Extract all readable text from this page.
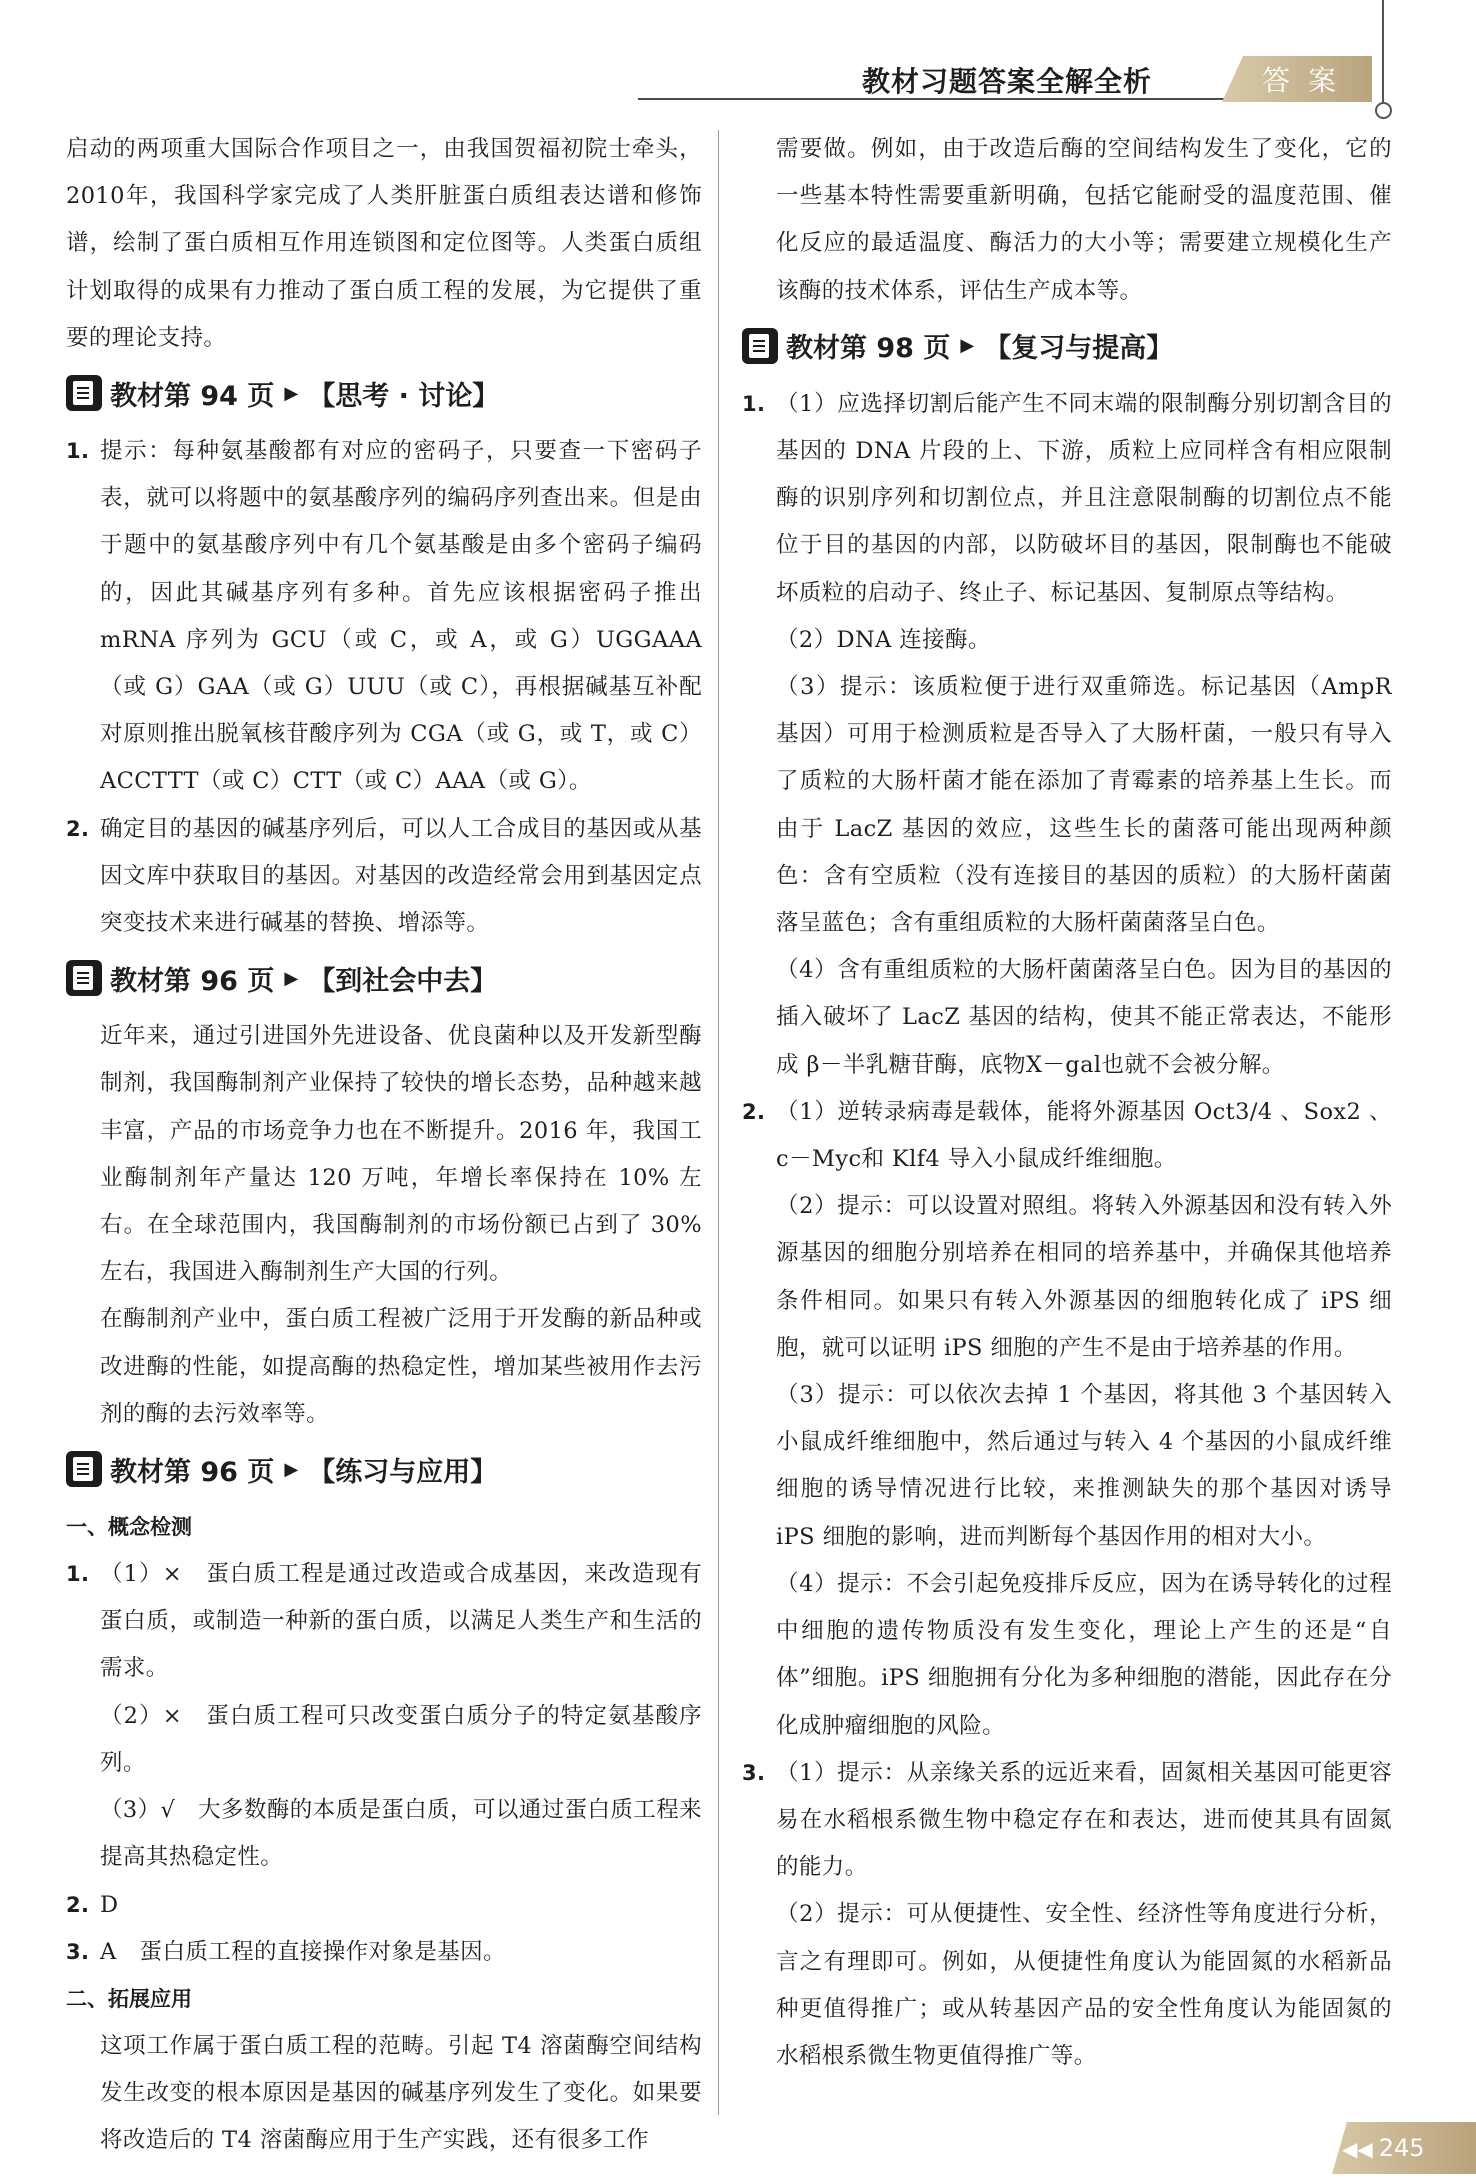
教材习题答案全解全析	答案

启动的两项重大国际合作项目之一，由我国贺福初院士牵头，2010年，我国科学家完成了人类肝脏蛋白质组表达谱和修饰谱，绘制了蛋白质相互作用连锁图和定位图等。人类蛋白质组计划取得的成果有力推动了蛋白质工程的发展，为它提供了重要的理论支持。

教材第 94 页 ▶ 【思考 · 讨论】

1. 提示：每种氨基酸都有对应的密码子，只要查一下密码子表，就可以将题中的氨基酸序列的编码序列查出来。但是由于题中的氨基酸序列中有几个氨基酸是由多个密码子编码的，因此其碱基序列有多种。首先应该根据密码子推出 mRNA 序列为 GCU（或 C，或 A，或 G）UGGAAA（或 G）GAA（或 G）UUU（或 C），再根据碱基互补配对原则推出脱氧核苷酸序列为 CGA（或 G，或 T，或 C）ACCTTT（或 C）CTT（或 C）AAA（或 G）。

2. 确定目的基因的碱基序列后，可以人工合成目的基因或从基因文库中获取目的基因。对基因的改造经常会用到基因定点突变技术来进行碱基的替换、增添等。

教材第 96 页 ▶ 【到社会中去】

近年来，通过引进国外先进设备、优良菌种以及开发新型酶制剂，我国酶制剂产业保持了较快的增长态势，品种越来越丰富，产品的市场竞争力也在不断提升。2016 年，我国工业酶制剂年产量达 120 万吨，年增长率保持在 10% 左右。在全球范围内，我国酶制剂的市场份额已占到了 30% 左右，我国进入酶制剂生产大国的行列。

在酶制剂产业中，蛋白质工程被广泛用于开发酶的新品种或改进酶的性能，如提高酶的热稳定性，增加某些被用作去污剂的酶的去污效率等。

教材第 96 页 ▶ 【练习与应用】

一、概念检测

1. （1）×　蛋白质工程是通过改造或合成基因，来改造现有蛋白质，或制造一种新的蛋白质，以满足人类生产和生活的需求。

（2）×　蛋白质工程可只改变蛋白质分子的特定氨基酸序列。

（3）√　大多数酶的本质是蛋白质，可以通过蛋白质工程来提高其热稳定性。

2. D

3. A　蛋白质工程的直接操作对象是基因。

二、拓展应用

这项工作属于蛋白质工程的范畴。引起 T4 溶菌酶空间结构发生改变的根本原因是基因的碱基序列发生了变化。如果要将改造后的 T4 溶菌酶应用于生产实践，还有很多工作

需要做。例如，由于改造后酶的空间结构发生了变化，它的一些基本特性需要重新明确，包括它能耐受的温度范围、催化反应的最适温度、酶活力的大小等；需要建立规模化生产该酶的技术体系，评估生产成本等。

教材第 98 页 ▶ 【复习与提高】

1. （1）应选择切割后能产生不同末端的限制酶分别切割含目的基因的 DNA 片段的上、下游，质粒上应同样含有相应限制酶的识别序列和切割位点，并且注意限制酶的切割位点不能位于目的基因的内部，以防破坏目的基因，限制酶也不能破坏质粒的启动子、终止子、标记基因、复制原点等结构。

（2）DNA 连接酶。

（3）提示：该质粒便于进行双重筛选。标记基因（AmpR 基因）可用于检测质粒是否导入了大肠杆菌，一般只有导入了质粒的大肠杆菌才能在添加了青霉素的培养基上生长。而由于 LacZ 基因的效应，这些生长的菌落可能出现两种颜色：含有空质粒（没有连接目的基因的质粒）的大肠杆菌菌落呈蓝色；含有重组质粒的大肠杆菌菌落呈白色。

（4）含有重组质粒的大肠杆菌菌落呈白色。因为目的基因的插入破坏了 LacZ 基因的结构，使其不能正常表达，不能形成 β－半乳糖苷酶，底物X－gal也就不会被分解。

2. （1）逆转录病毒是载体，能将外源基因 Oct3/4 、Sox2 、c－Myc和 Klf4 导入小鼠成纤维细胞。

（2）提示：可以设置对照组。将转入外源基因和没有转入外源基因的细胞分别培养在相同的培养基中，并确保其他培养条件相同。如果只有转入外源基因的细胞转化成了 iPS 细胞，就可以证明 iPS 细胞的产生不是由于培养基的作用。

（3）提示：可以依次去掉 1 个基因，将其他 3 个基因转入小鼠成纤维细胞中，然后通过与转入 4 个基因的小鼠成纤维细胞的诱导情况进行比较，来推测缺失的那个基因对诱导 iPS 细胞的影响，进而判断每个基因作用的相对大小。

（4）提示：不会引起免疫排斥反应，因为在诱导转化的过程中细胞的遗传物质没有发生变化，理论上产生的还是“自体”细胞。iPS 细胞拥有分化为多种细胞的潜能，因此存在分化成肿瘤细胞的风险。

3. （1）提示：从亲缘关系的远近来看，固氮相关基因可能更容易在水稻根系微生物中稳定存在和表达，进而使其具有固氮的能力。

（2）提示：可从便捷性、安全性、经济性等角度进行分析，言之有理即可。例如，从便捷性角度认为能固氮的水稻新品种更值得推广；或从转基因产品的安全性角度认为能固氮的水稻根系微生物更值得推广等。

◀◀ 245
